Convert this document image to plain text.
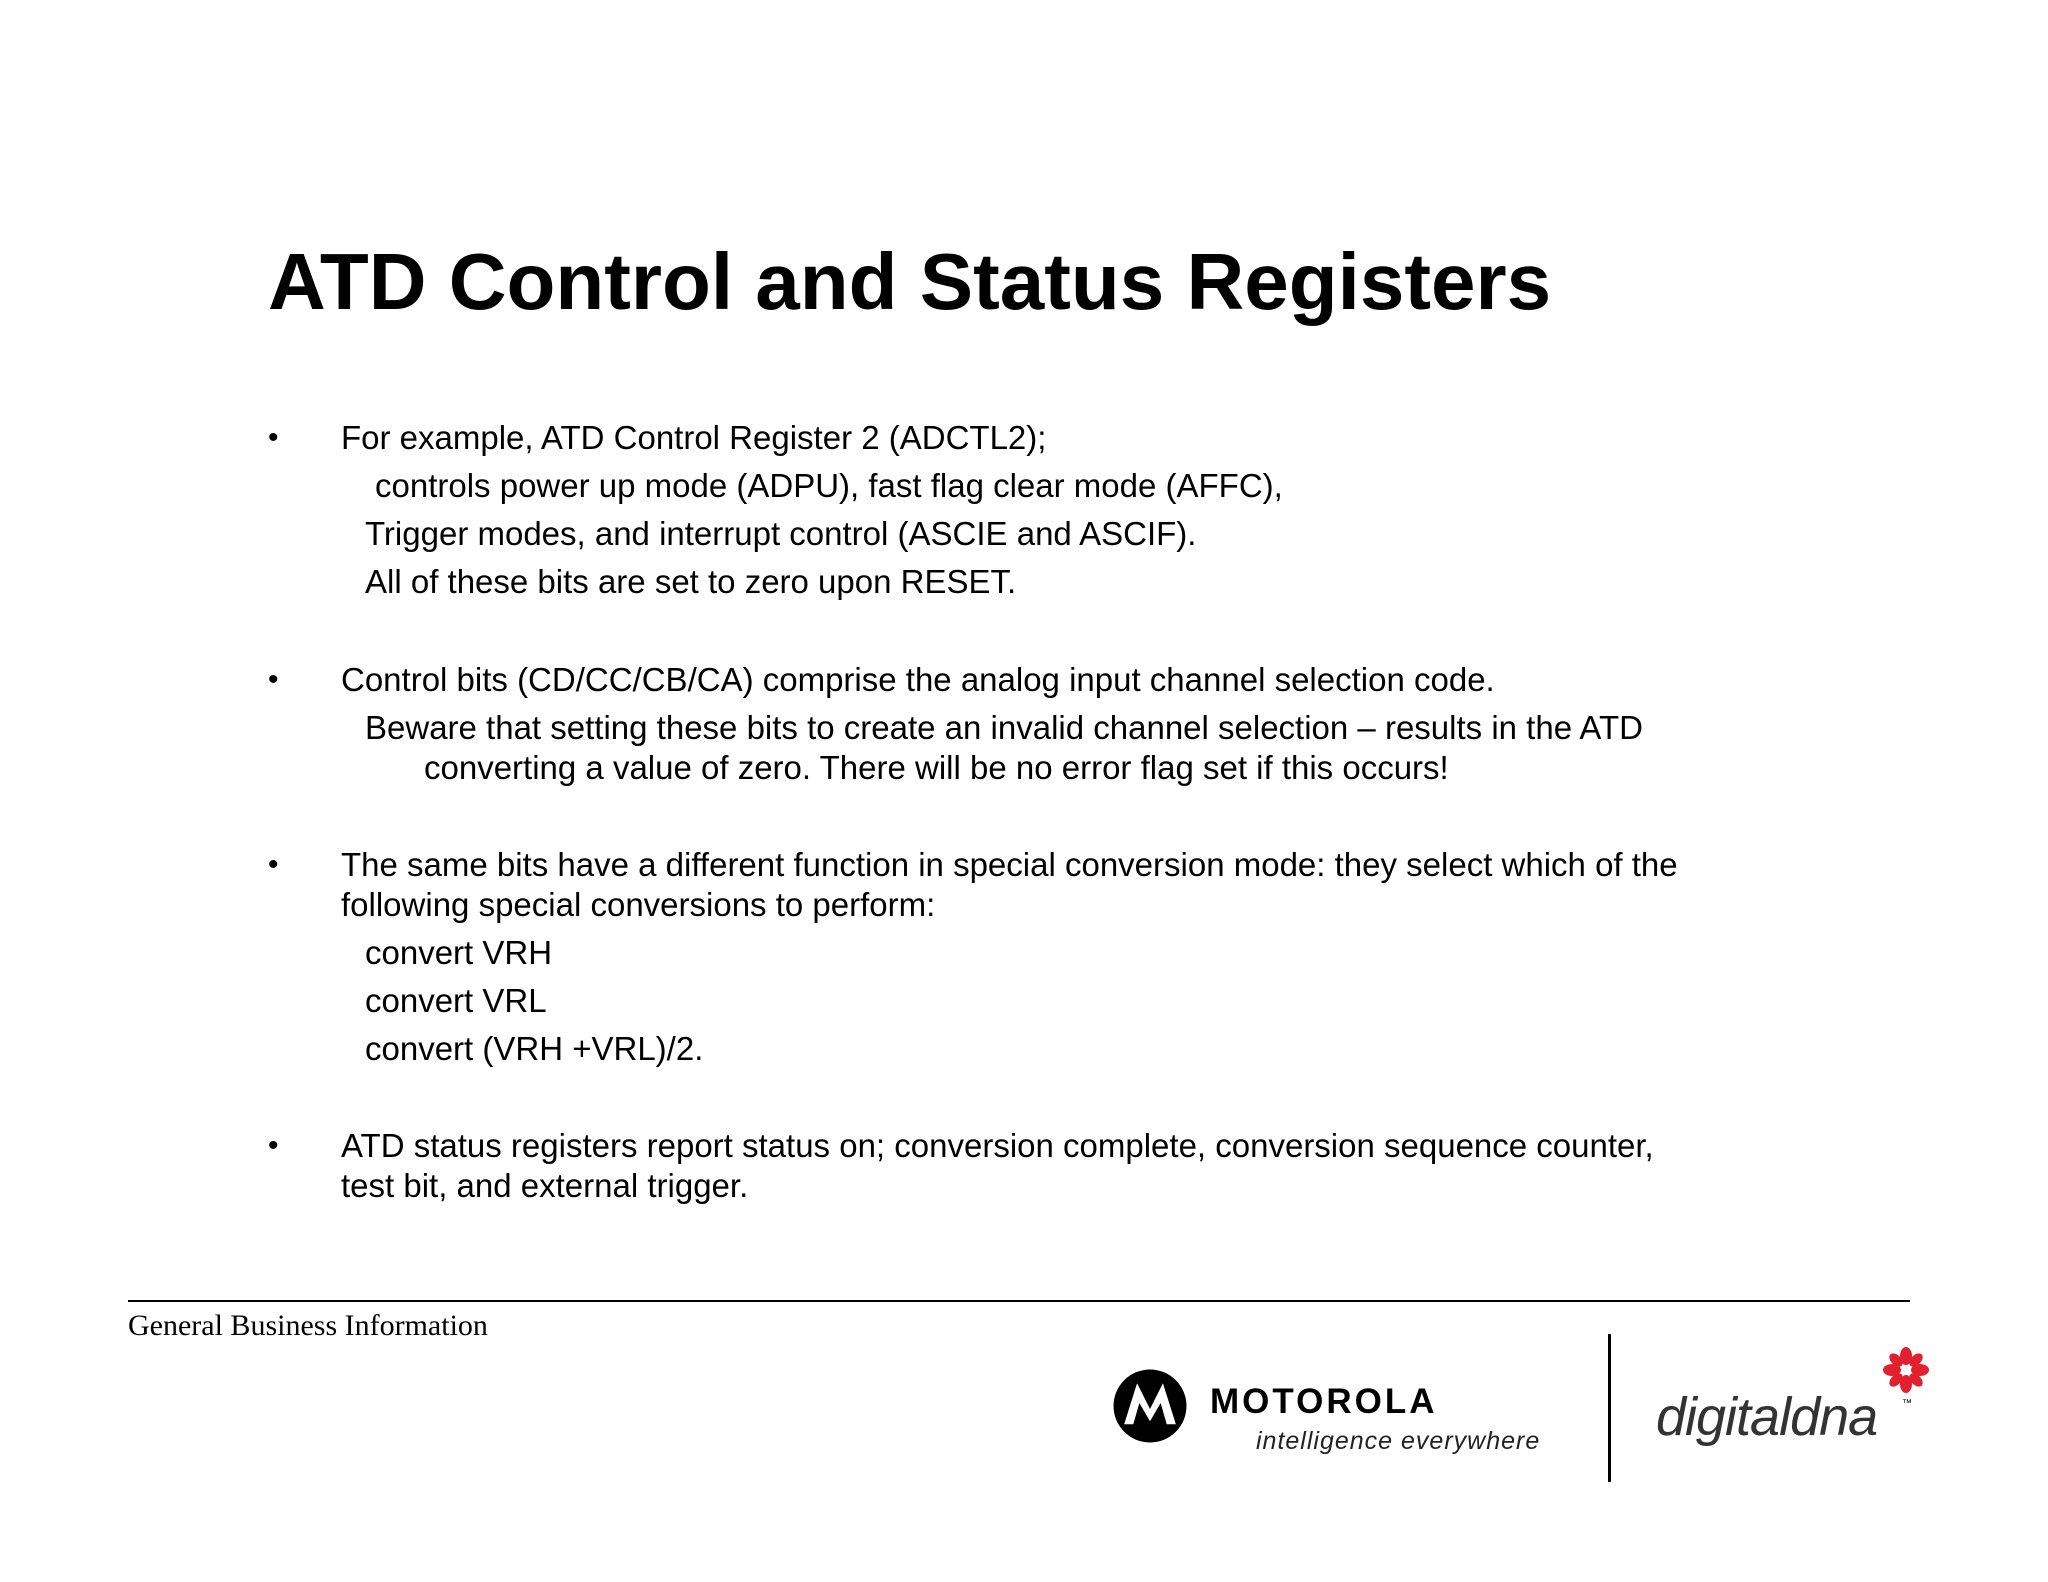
ATD Control and Status Registers
• For example, ATD Control Register 2 (ADCTL2);
controls power up mode (ADPU), fast flag clear mode (AFFC),
Trigger modes, and interrupt control (ASCIE and ASCIF).
All of these bits are set to zero upon RESET.
• Control bits (CD/CC/CB/CA) comprise the analog input channel selection code.
Beware that setting these bits to create an invalid channel selection – results in the ATD
converting a value of zero. There will be no error flag set if this occurs!
• The same bits have a different function in special conversion mode: they select which of the
following special conversions to perform:
convert VRH
convert VRL
convert (VRH +VRL)/2.
• ATD status registers report status on; conversion complete, conversion sequence counter,
test bit, and external trigger.
General Business Information
MOTOROLA
intelligence everywhere digitaldna ™
